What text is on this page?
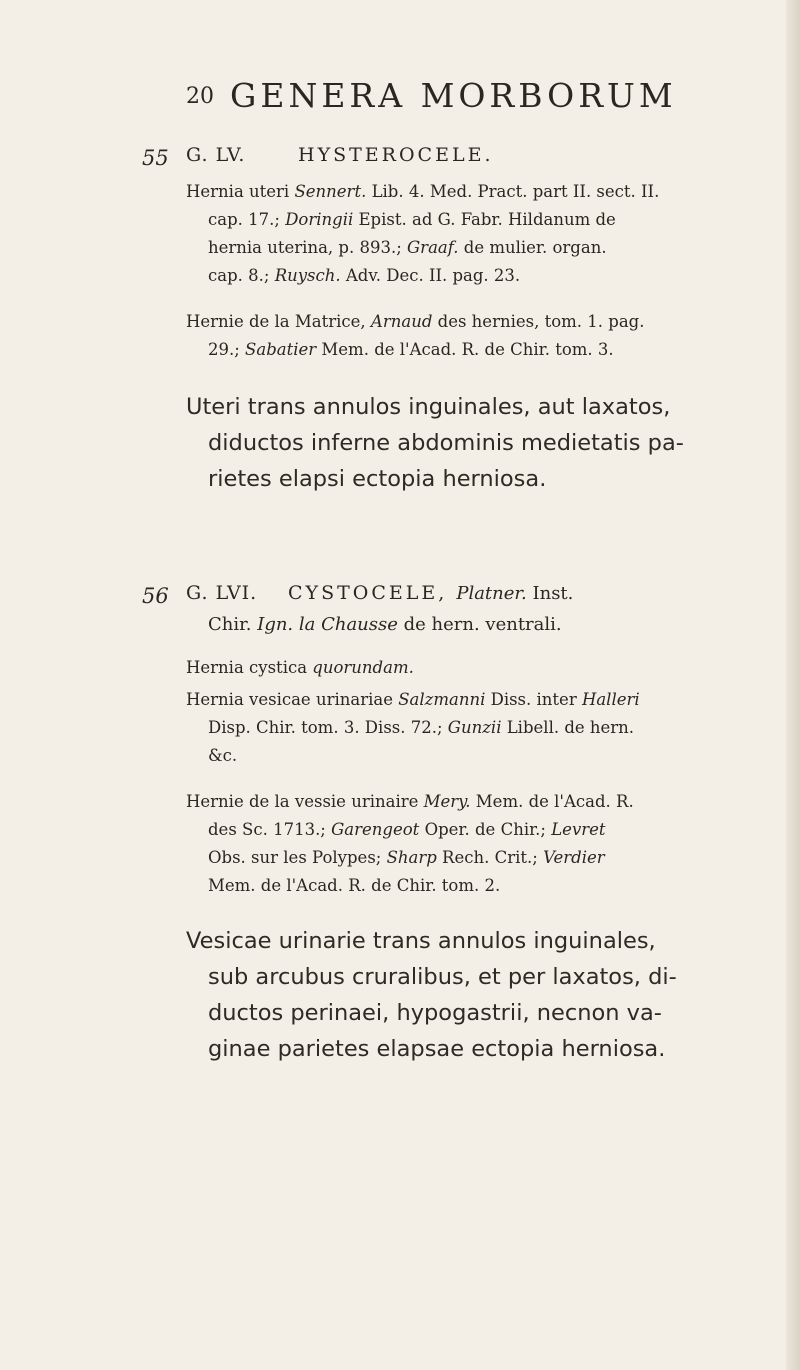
20 GENERA MORBORUM
55 G. LV.	HYSTEROCELE.
Hernia uteri Sennert. Lib. 4. Med. Pract. part II. sect. II.
cap. 17.; Doringii Epist. ad G. Fabr. Hildanum de
hernia uterina, p. 893.; Graaf. de mulier. organ.
cap. 8.; Ruysch. Adv. Dec. II. pag. 23.
Hernie de la Matrice, Arnaud des hernies, tom. 1. pag.
29.; Sabatier Mem. de l'Acad. R. de Chir. tom. 3.
Uteri trans annulos inguinales, aut laxatos,
diductos inferne abdominis medietatis pa-
rietes elapsi ectopia herniosa.
56 G. LVI. CYSTOCELE, Platner. Inst.
Chir. Ign. la Chausse de hern. ventrali.
Hernia cystica quorundam.
Hernia vesicae urinariae Salzmanni Diss. inter Halleri
Disp. Chir. tom. 3. Diss. 72.; Gunzii Libell. de hern.
&c.
Hernie de la vessie urinaire Mery. Mem. de l'Acad. R.
des Sc. 1713.; Garengeot Oper. de Chir.; Levret
Obs. sur les Polypes; Sharp Rech. Crit.; Verdier
Mem. de l'Acad. R. de Chir. tom. 2.
Vesicae urinarie trans annulos inguinales,
sub arcubus cruralibus, et per laxatos, di-
ductos perinaei, hypogastrii, necnon va-
ginae parietes elapsae ectopia herniosa.
